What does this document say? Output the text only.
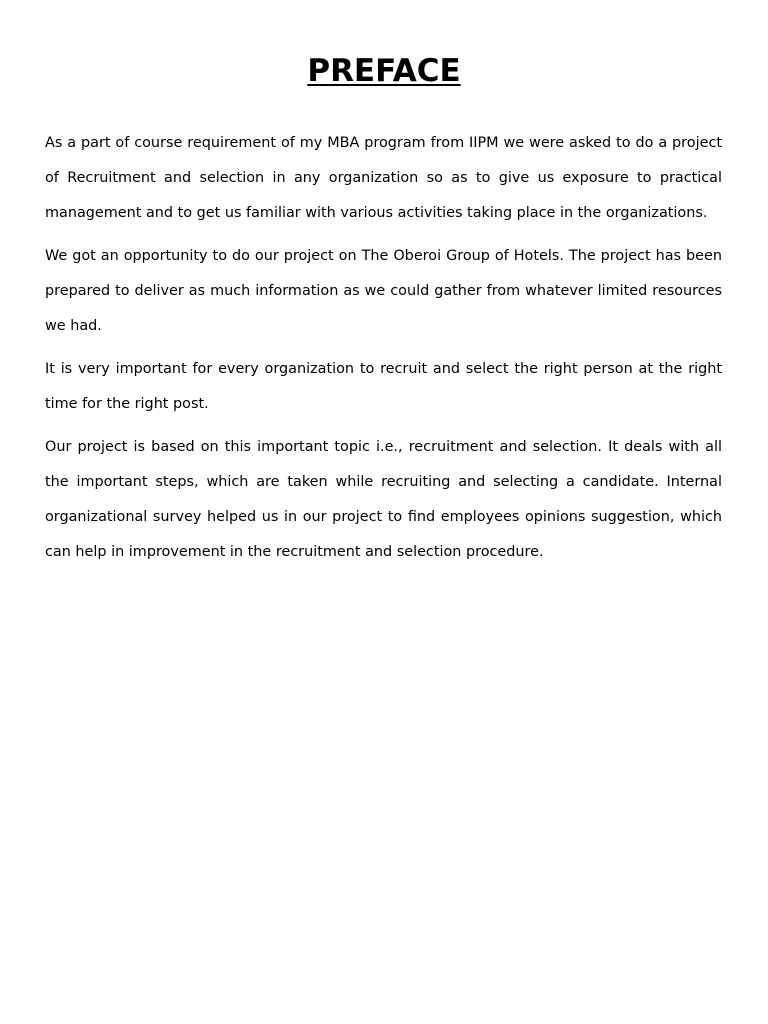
PREFACE

As a part of course requirement of my MBA program from IIPM we were asked to do a project of Recruitment and selection in any organization so as to give us exposure to practical management and to get us familiar with various activities taking place in the organizations.

We got an opportunity to do our project on The Oberoi Group of Hotels. The project has been prepared to deliver as much information as we could gather from whatever limited resources we had.

It is very important for every organization to recruit and select the right person at the right time for the right post.

Our project is based on this important topic i.e., recruitment and selection. It deals with all the important steps, which are taken while recruiting and selecting a candidate. Internal organizational survey helped us in our project to find employees opinions suggestion, which can help in improvement in the recruitment and selection procedure.
